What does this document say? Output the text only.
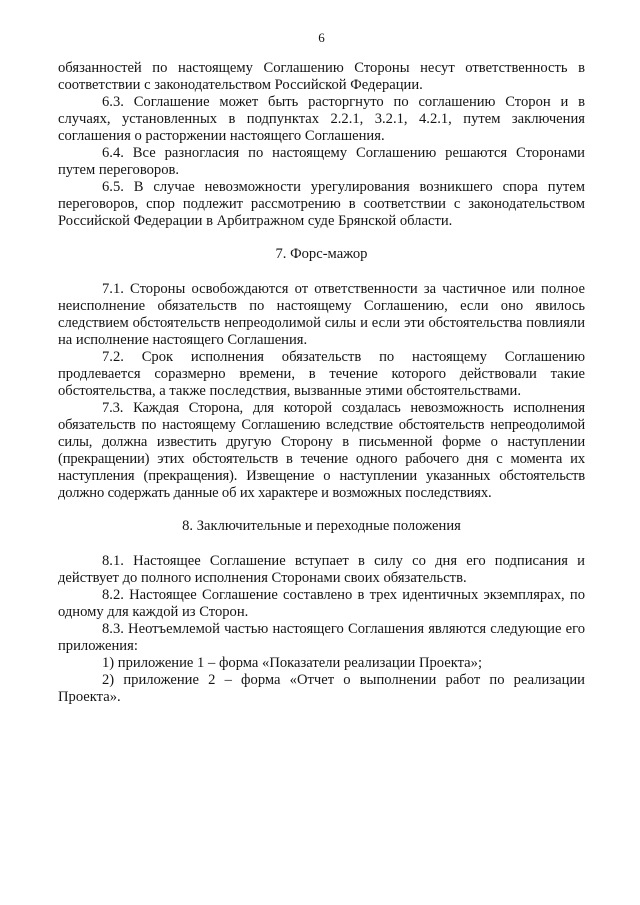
6

обязанностей по настоящему Соглашению Стороны несут ответственность в соответствии с законодательством Российской Федерации.

6.3. Соглашение может быть расторгнуто по соглашению Сторон и в случаях, установленных в подпунктах 2.2.1, 3.2.1, 4.2.1, путем заключения соглашения о расторжении настоящего Соглашения.

6.4. Все разногласия по настоящему Соглашению решаются Сторонами путем переговоров.

6.5. В случае невозможности урегулирования возникшего спора путем переговоров, спор подлежит рассмотрению в соответствии с законодательством Российской Федерации в Арбитражном суде Брянской области.

7. Форс-мажор

7.1. Стороны освобождаются от ответственности за частичное или полное неисполнение обязательств по настоящему Соглашению, если оно явилось следствием обстоятельств непреодолимой силы и если эти обстоятельства повлияли на исполнение настоящего Соглашения.

7.2. Срок исполнения обязательств по настоящему Соглашению продлевается соразмерно времени, в течение которого действовали такие обстоятельства, а также последствия, вызванные этими обстоятельствами.

7.3. Каждая Сторона, для которой создалась невозможность исполнения обязательств по настоящему Соглашению вследствие обстоятельств непреодолимой силы, должна известить другую Сторону в письменной форме о наступлении (прекращении) этих обстоятельств в течение одного рабочего дня с момента их наступления (прекращения). Извещение о наступлении указанных обстоятельств должно содержать данные об их характере и возможных последствиях.

8. Заключительные и переходные положения

8.1. Настоящее Соглашение вступает в силу со дня его подписания и действует до полного исполнения Сторонами своих обязательств.

8.2. Настоящее Соглашение составлено в трех идентичных экземплярах, по одному для каждой из Сторон.

8.3. Неотъемлемой частью настоящего Соглашения являются следующие его приложения:

1) приложение 1 – форма «Показатели реализации Проекта»;

2) приложение 2 – форма «Отчет о выполнении работ по реализации Проекта».
